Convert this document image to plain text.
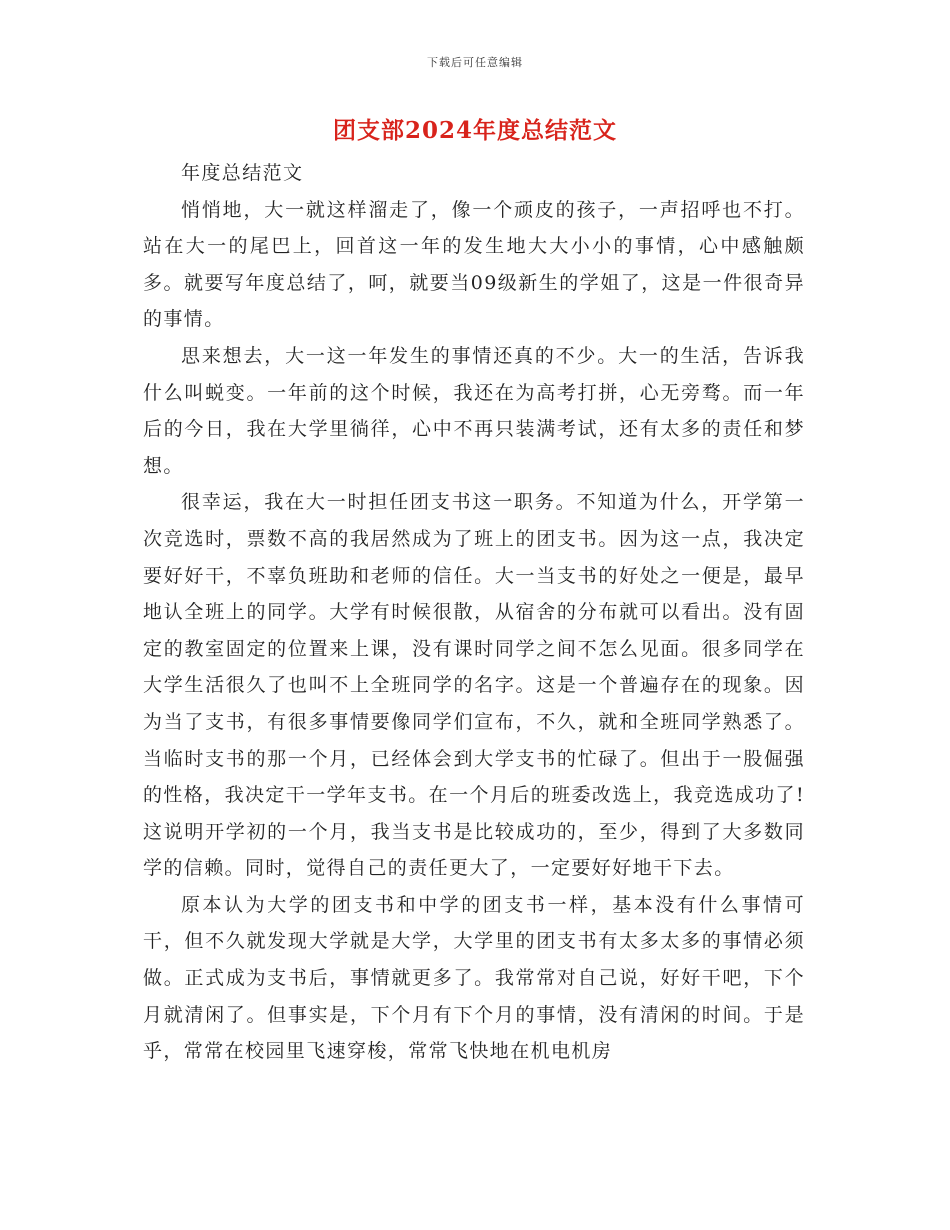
下载后可任意编辑
团支部2024年度总结范文

年度总结范文

悄悄地，大一就这样溜走了，像一个顽皮的孩子，一声招呼也不打。站在大一的尾巴上，回首这一年的发生地大大小小的事情，心中感触颇多。就要写年度总结了，呵，就要当09级新生的学姐了，这是一件很奇异的事情。

思来想去，大一这一年发生的事情还真的不少。大一的生活，告诉我什么叫蜕变。一年前的这个时候，我还在为高考打拼，心无旁骛。而一年后的今日，我在大学里徜徉，心中不再只装满考试，还有太多的责任和梦想。

很幸运，我在大一时担任团支书这一职务。不知道为什么，开学第一次竞选时，票数不高的我居然成为了班上的团支书。因为这一点，我决定要好好干，不辜负班助和老师的信任。大一当支书的好处之一便是，最早地认全班上的同学。大学有时候很散，从宿舍的分布就可以看出。没有固定的教室固定的位置来上课，没有课时同学之间不怎么见面。很多同学在大学生活很久了也叫不上全班同学的名字。这是一个普遍存在的现象。因为当了支书，有很多事情要像同学们宣布，不久，就和全班同学熟悉了。当临时支书的那一个月，已经体会到大学支书的忙碌了。但出于一股倔强的性格，我决定干一学年支书。在一个月后的班委改选上，我竞选成功了!这说明开学初的一个月，我当支书是比较成功的，至少，得到了大多数同学的信赖。同时，觉得自己的责任更大了，一定要好好地干下去。

原本认为大学的团支书和中学的团支书一样，基本没有什么事情可干，但不久就发现大学就是大学，大学里的团支书有太多太多的事情必须做。正式成为支书后，事情就更多了。我常常对自己说，好好干吧，下个月就清闲了。但事实是，下个月有下个月的事情，没有清闲的时间。于是乎，常常在校园里飞速穿梭，常常飞快地在机电机房
